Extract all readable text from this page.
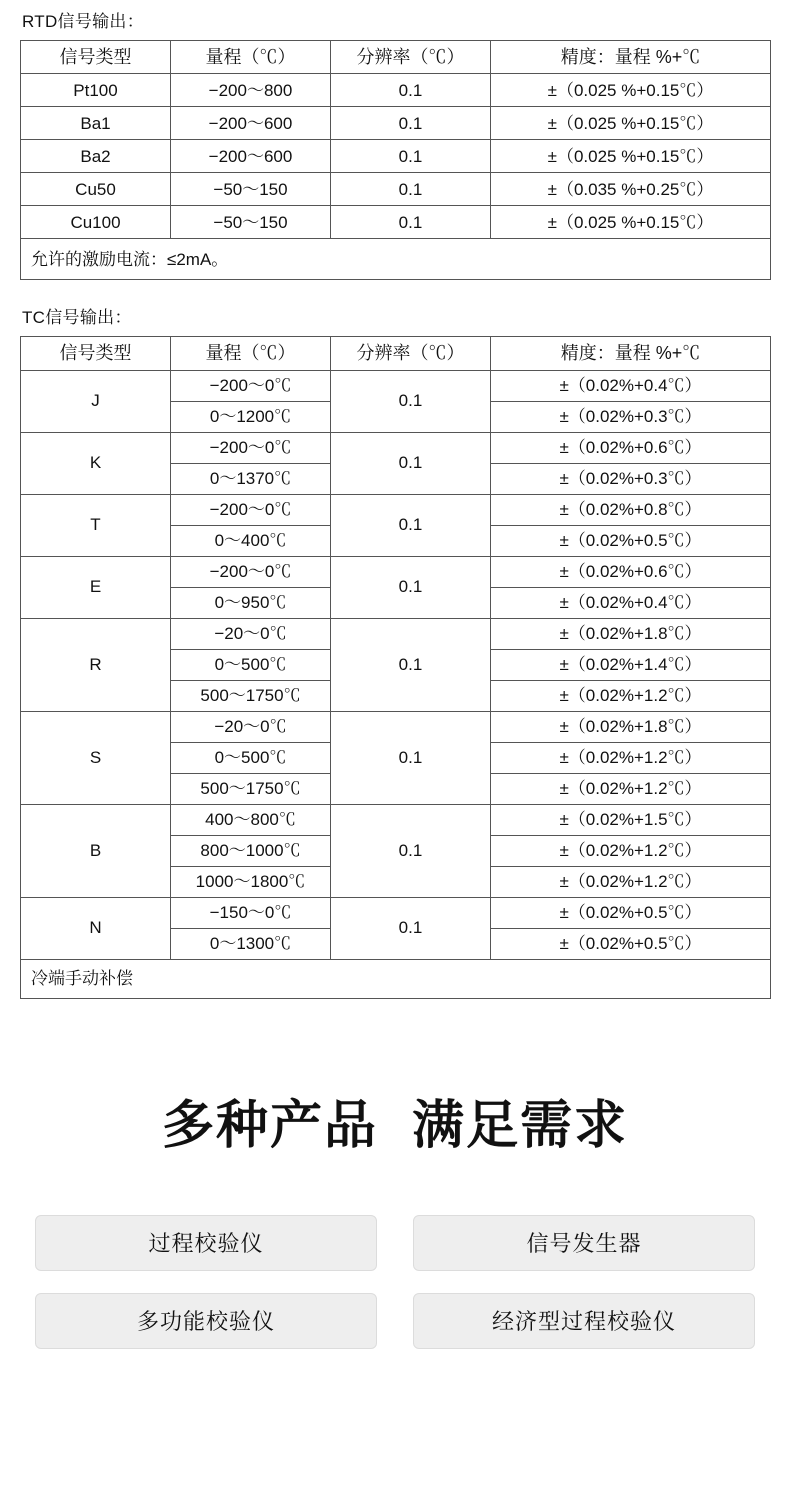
RTD信号输出：
信号类型	量程（℃）	分辨率（℃）	精度：量程 %+℃
Pt100	−200～800	0.1	±（0.025 %+0.15℃）
Ba1	−200～600	0.1	±（0.025 %+0.15℃）
Ba2	−200～600	0.1	±（0.025 %+0.15℃）
Cu50	−50～150	0.1	±（0.035 %+0.25℃）
Cu100	−50～150	0.1	±（0.025 %+0.15℃）
允许的激励电流：≤2mA。			
TC信号输出：
信号类型	量程（℃）	分辨率（℃）	精度：量程 %+℃
J	−200～0℃	0.1	±（0.02%+0.4℃）
	0～1200℃		±（0.02%+0.3℃）
K	−200～0℃	0.1	±（0.02%+0.6℃）
	0～1370℃		±（0.02%+0.3℃）
T	−200～0℃	0.1	±（0.02%+0.8℃）
	0～400℃		±（0.02%+0.5℃）
E	−200～0℃	0.1	±（0.02%+0.6℃）
	0～950℃		±（0.02%+0.4℃）
R	−20～0℃	0.1	±（0.02%+1.8℃）
	0～500℃		±（0.02%+1.4℃）
	500～1750℃		±（0.02%+1.2℃）
S	−20～0℃	0.1	±（0.02%+1.8℃）
	0～500℃		±（0.02%+1.2℃）
	500～1750℃		±（0.02%+1.2℃）
B	400～800℃	0.1	±（0.02%+1.5℃）
	800～1000℃		±（0.02%+1.2℃）
	1000～1800℃		±（0.02%+1.2℃）
N	−150～0℃	0.1	±（0.02%+0.5℃）
	0～1300℃		±（0.02%+0.5℃）
冷端手动补偿			
多种产品 满足需求
过程校验仪	信号发生器
多功能校验仪	经济型过程校验仪
